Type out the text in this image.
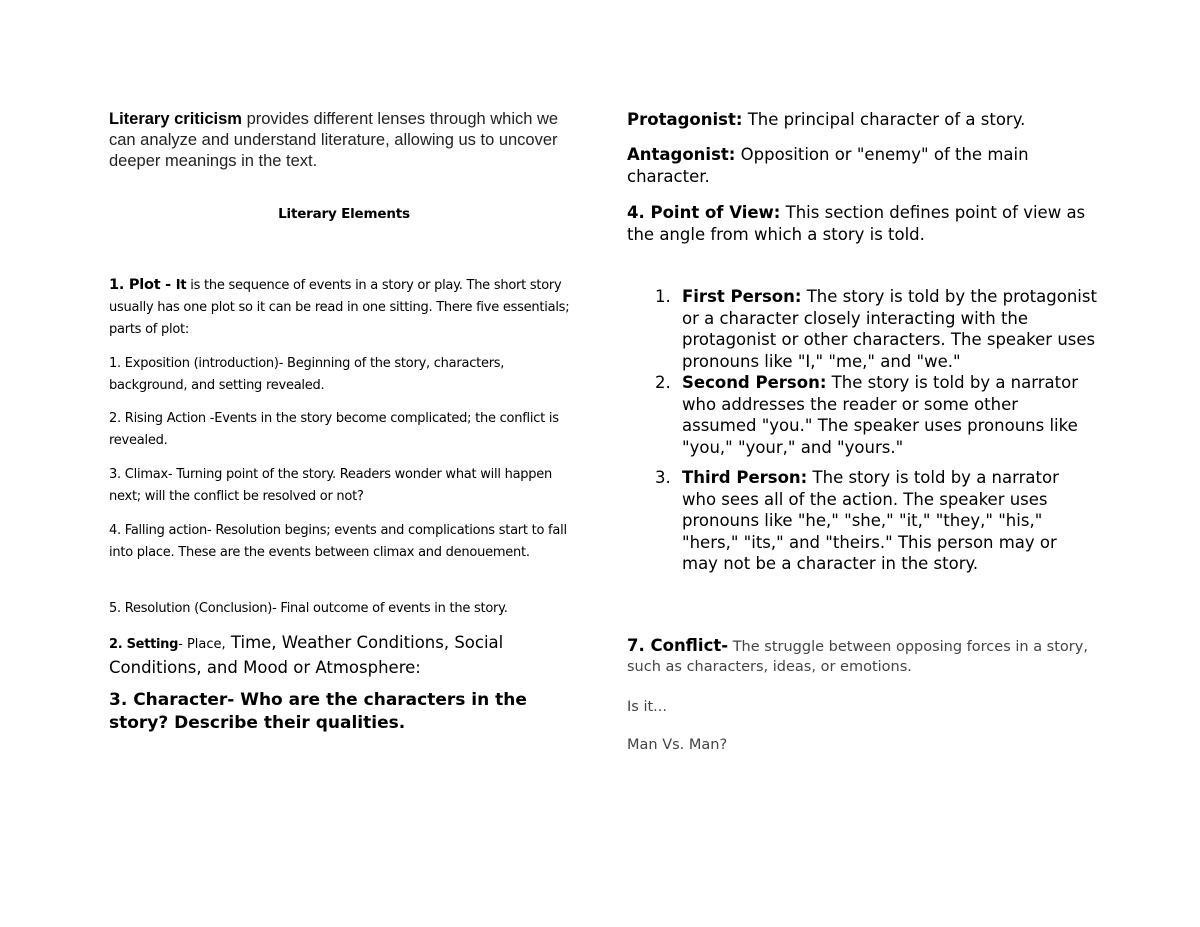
Literary criticism provides different lenses through which we can analyze and understand literature, allowing us to uncover deeper meanings in the text.
Literary Elements
1. Plot - It is the sequence of events in a story or play. The short story usually has one plot so it can be read in one sitting. There five essentials; parts of plot:
1. Exposition (introduction)- Beginning of the story, characters, background, and setting revealed.
2. Rising Action -Events in the story become complicated; the conflict is revealed.
3. Climax- Turning point of the story. Readers wonder what will happen next; will the conflict be resolved or not?
4. Falling action- Resolution begins; events and complications start to fall into place. These are the events between climax and denouement.
5. Resolution (Conclusion)- Final outcome of events in the story.
2. Setting- Place, Time, Weather Conditions, Social Conditions, and Mood or Atmosphere:
3. Character- Who are the characters in the story? Describe their qualities.
Protagonist: The principal character of a story.
Antagonist: Opposition or "enemy" of the main character.
4. Point of View: This section defines point of view as the angle from which a story is told.
1. First Person: The story is told by the protagonist or a character closely interacting with the protagonist or other characters. The speaker uses pronouns like "I," "me," and "we."
2. Second Person: The story is told by a narrator who addresses the reader or some other assumed "you." The speaker uses pronouns like "you," "your," and "yours."
3. Third Person: The story is told by a narrator who sees all of the action. The speaker uses pronouns like "he," "she," "it," "they," "his," "hers," "its," and "theirs." This person may or may not be a character in the story.
7. Conflict- The struggle between opposing forces in a story, such as characters, ideas, or emotions.
Is it...
Man Vs. Man?
